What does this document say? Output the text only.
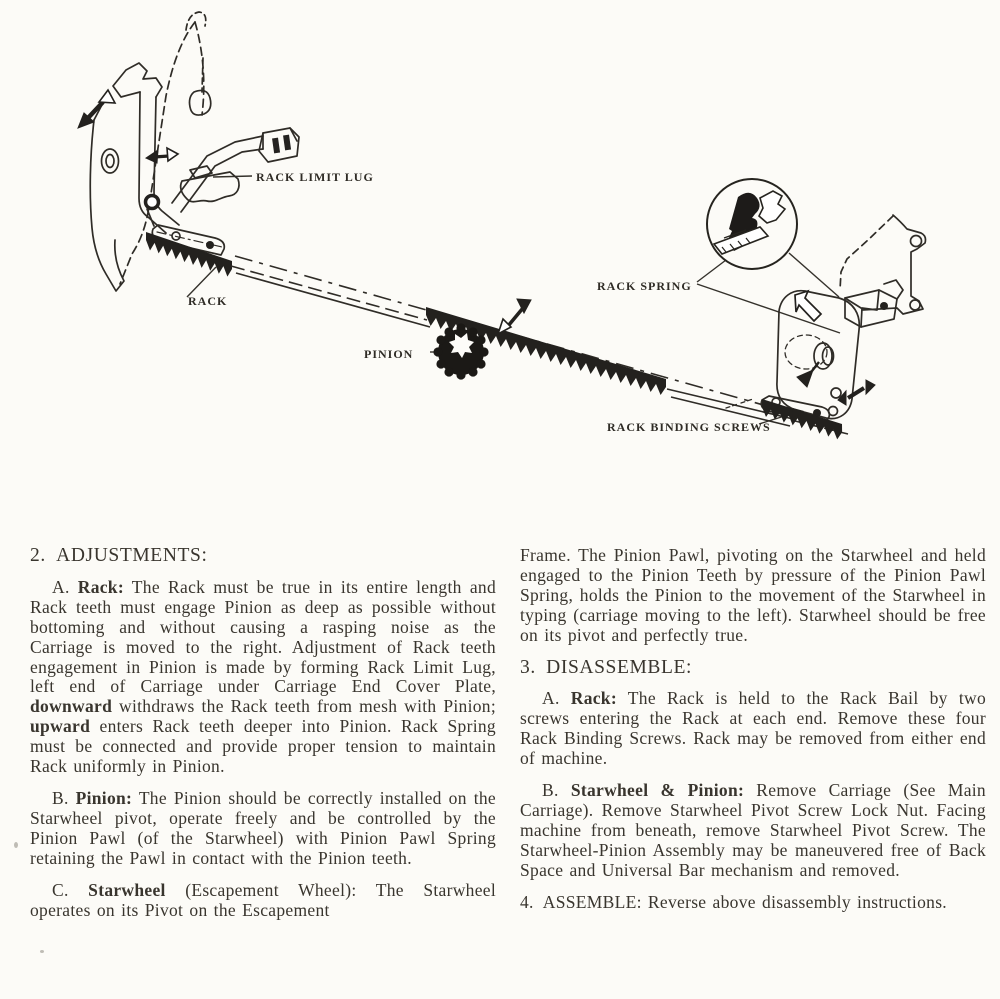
RACK LIMIT LUG
RACK
PINION
RACK SPRING
RACK BINDING SCREWS
2. ADJUSTMENTS:

A. Rack: The Rack must be true in its entire length and Rack teeth must engage Pinion as deep as possible without bottoming and without causing a rasping noise as the Carriage is moved to the right. Adjustment of Rack teeth engagement in Pinion is made by forming Rack Limit Lug, left end of Carriage under Carriage End Cover Plate, downward withdraws the Rack teeth from mesh with Pinion; upward enters Rack teeth deeper into Pinion. Rack Spring must be connected and provide proper tension to maintain Rack uniformly in Pinion.

B. Pinion: The Pinion should be correctly installed on the Starwheel pivot, operate freely and be controlled by the Pinion Pawl (of the Starwheel) with Pinion Pawl Spring retaining the Pawl in contact with the Pinion teeth.

C. Starwheel (Escapement Wheel): The Starwheel operates on its Pivot on the Escapement

Frame. The Pinion Pawl, pivoting on the Starwheel and held engaged to the Pinion Teeth by pressure of the Pinion Pawl Spring, holds the Pinion to the movement of the Starwheel in typing (carriage moving to the left). Starwheel should be free on its pivot and perfectly true.

3. DISASSEMBLE:

A. Rack: The Rack is held to the Rack Bail by two screws entering the Rack at each end. Remove these four Rack Binding Screws. Rack may be removed from either end of machine.

B. Starwheel & Pinion: Remove Carriage (See Main Carriage). Remove Starwheel Pivot Screw Lock Nut. Facing machine from beneath, remove Starwheel Pivot Screw. The Starwheel-Pinion Assembly may be maneuvered free of Back Space and Universal Bar mechanism and removed.

4. ASSEMBLE: Reverse above disassembly instructions.
